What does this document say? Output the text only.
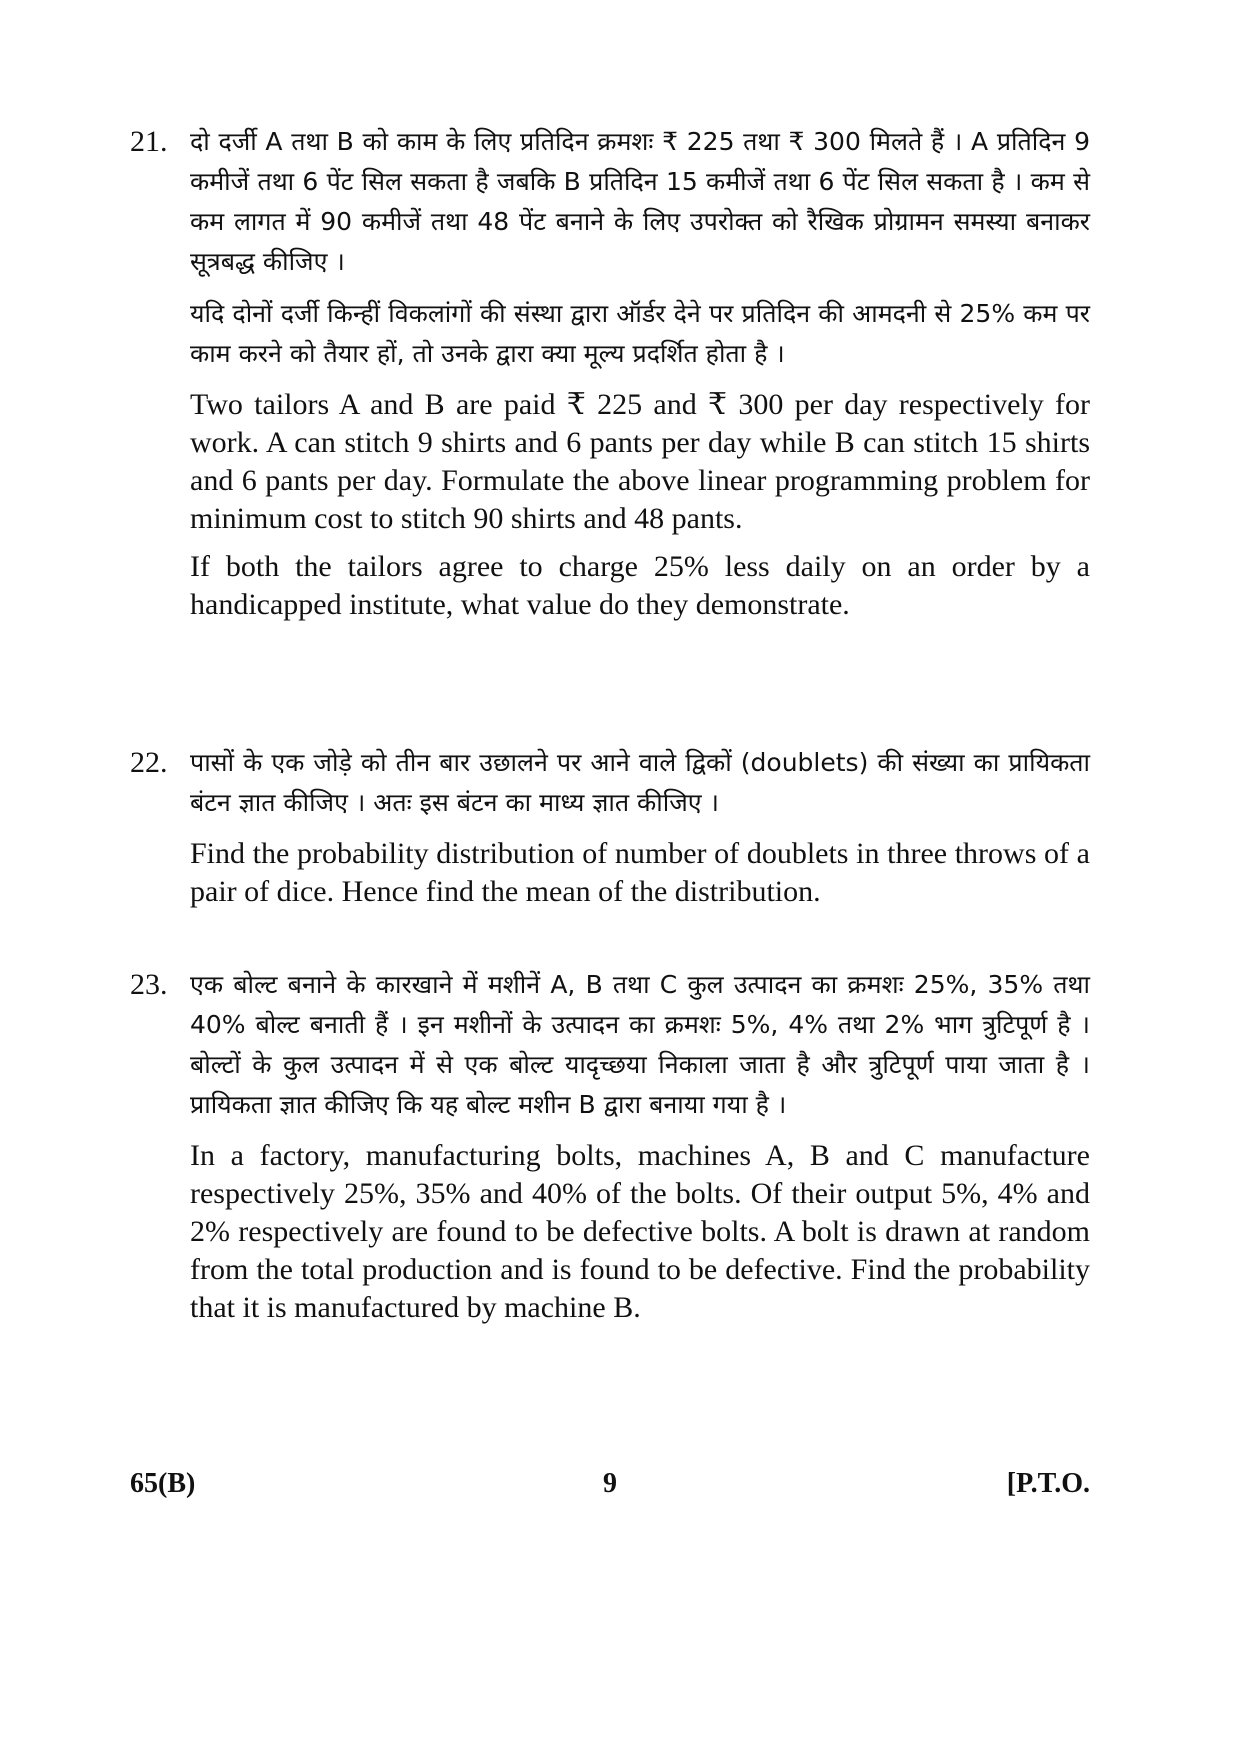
21. दो दर्जी A तथा B को काम के लिए प्रतिदिन क्रमशः ₹ 225 तथा ₹ 300 मिलते हैं । A प्रतिदिन 9 कमीजें तथा 6 पेंट सिल सकता है जबकि B प्रतिदिन 15 कमीजें तथा 6 पेंट सिल सकता है । कम से कम लागत में 90 कमीजें तथा 48 पेंट बनाने के लिए उपरोक्त को रैखिक प्रोग्रामन समस्या बनाकर सूत्रबद्ध कीजिए ।

यदि दोनों दर्जी किन्हीं विकलांगों की संस्था द्वारा ऑर्डर देने पर प्रतिदिन की आमदनी से 25% कम पर काम करने को तैयार हों, तो उनके द्वारा क्या मूल्य प्रदर्शित होता है ।

Two tailors A and B are paid ₹ 225 and ₹ 300 per day respectively for work. A can stitch 9 shirts and 6 pants per day while B can stitch 15 shirts and 6 pants per day. Formulate the above linear programming problem for minimum cost to stitch 90 shirts and 48 pants.

If both the tailors agree to charge 25% less daily on an order by a handicapped institute, what value do they demonstrate.

22. पासों के एक जोड़े को तीन बार उछालने पर आने वाले द्विकों (doublets) की संख्या का प्रायिकता बंटन ज्ञात कीजिए । अतः इस बंटन का माध्य ज्ञात कीजिए ।

Find the probability distribution of number of doublets in three throws of a pair of dice. Hence find the mean of the distribution.

23. एक बोल्ट बनाने के कारखाने में मशीनें A, B तथा C कुल उत्पादन का क्रमशः 25%, 35% तथा 40% बोल्ट बनाती हैं । इन मशीनों के उत्पादन का क्रमशः 5%, 4% तथा 2% भाग त्रुटिपूर्ण है । बोल्टों के कुल उत्पादन में से एक बोल्ट यादृच्छया निकाला जाता है और त्रुटिपूर्ण पाया जाता है । प्रायिकता ज्ञात कीजिए कि यह बोल्ट मशीन B द्वारा बनाया गया है ।

In a factory, manufacturing bolts, machines A, B and C manufacture respectively 25%, 35% and 40% of the bolts. Of their output 5%, 4% and 2% respectively are found to be defective bolts. A bolt is drawn at random from the total production and is found to be defective. Find the probability that it is manufactured by machine B.

9
65(B)	[P.T.O.
